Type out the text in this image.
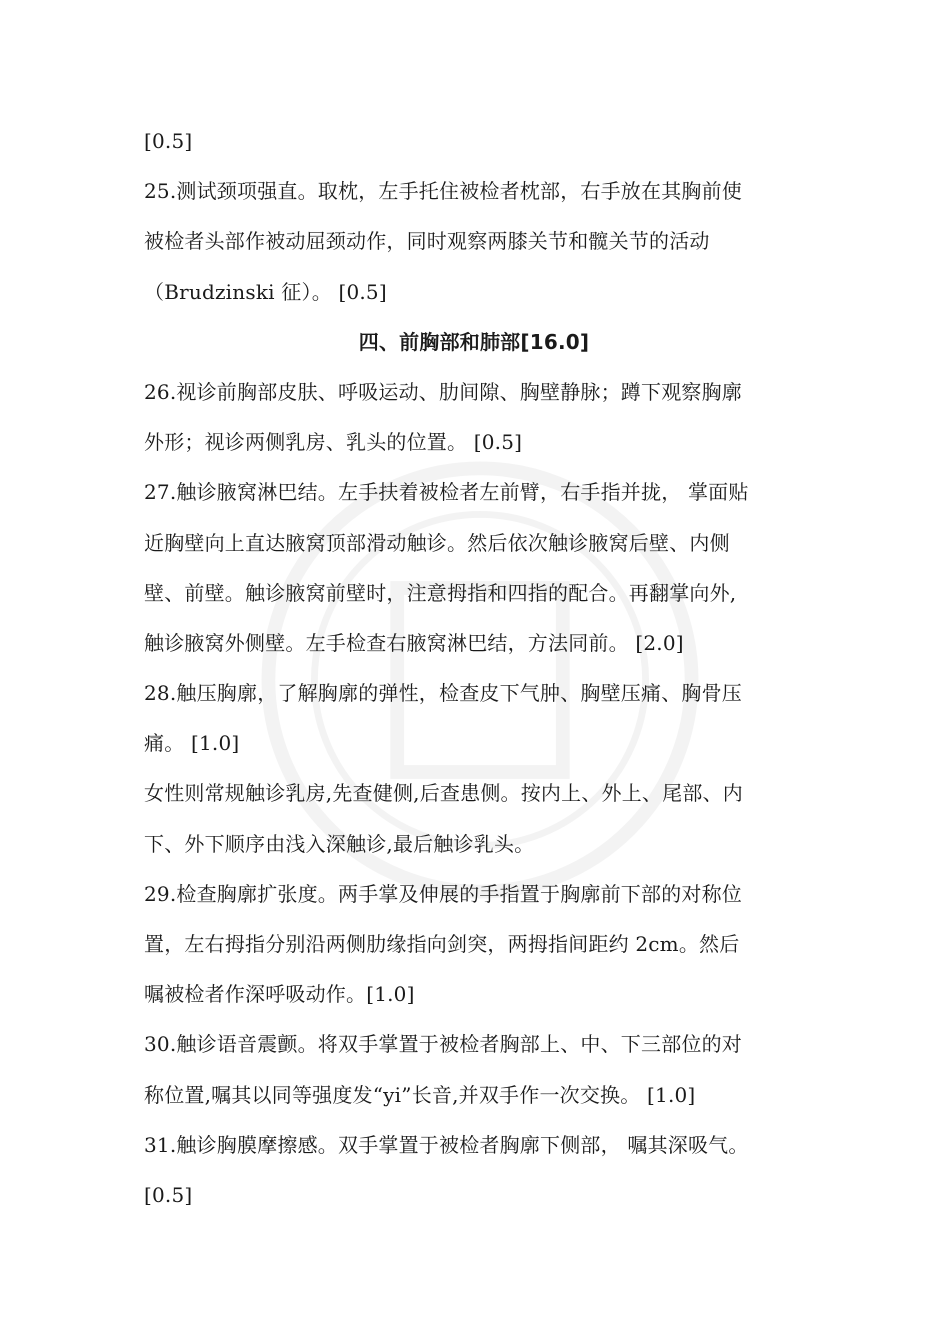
[0.5]
25.测试颈项强直。取枕，左手托住被检者枕部，右手放在其胸前使
被检者头部作被动屈颈动作，同时观察两膝关节和髋关节的活动
（Brudzinski 征）。 [0.5]
四、前胸部和肺部[16.0]
26.视诊前胸部皮肤、呼吸运动、肋间隙、胸壁静脉；蹲下观察胸廓
外形；视诊两侧乳房、乳头的位置。 [0.5]
27.触诊腋窝淋巴结。左手扶着被检者左前臂，右手指并拢， 掌面贴
近胸壁向上直达腋窝顶部滑动触诊。然后依次触诊腋窝后壁、内侧
壁、前壁。触诊腋窝前壁时，注意拇指和四指的配合。再翻掌向外,
触诊腋窝外侧壁。左手检查右腋窝淋巴结，方法同前。 [2.0]
28.触压胸廓，了解胸廓的弹性，检查皮下气肿、胸壁压痛、胸骨压
痛。 [1.0]
女性则常规触诊乳房,先查健侧,后查患侧。按内上、外上、尾部、内
下、外下顺序由浅入深触诊,最后触诊乳头。
29.检查胸廓扩张度。两手掌及伸展的手指置于胸廓前下部的对称位
置，左右拇指分别沿两侧肋缘指向剑突，两拇指间距约 2cm。然后
嘱被检者作深呼吸动作。[1.0]
30.触诊语音震颤。将双手掌置于被检者胸部上、中、下三部位的对
称位置,嘱其以同等强度发“yi”长音,并双手作一次交换。 [1.0]
31.触诊胸膜摩擦感。双手掌置于被检者胸廓下侧部， 嘱其深吸气。
[0.5]
